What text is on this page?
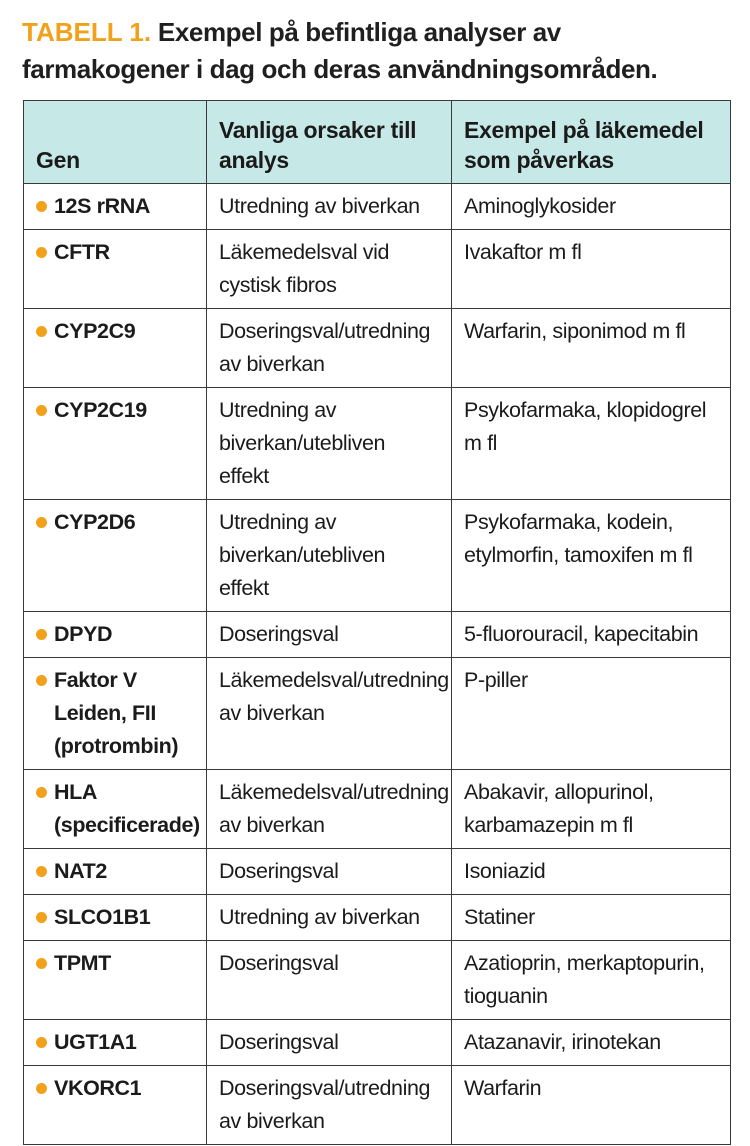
TABELL 1. Exempel på befintliga analyser av farmakogener i dag och deras användningsområden.
Gen	Vanliga orsaker till analys	Exempel på läkemedel som påverkas

12S rRNA	Utredning av biverkan	Aminoglykosider

CFTR	Läkemedelsval vid cystisk fibros	Ivakaftor m fl

CYP2C9	Doseringsval/utredning av biverkan	Warfarin, siponimod m fl

CYP2C19	Utredning av biverkan/utebliven effekt	Psykofarmaka, klopidogrel m fl

CYP2D6	Utredning av biverkan/utebliven effekt	Psykofarmaka, kodein, etylmorfin, tamoxifen m fl

DPYD	Doseringsval	5-fluorouracil, kapecitabin

Faktor V Leiden, FII (protrombin)	Läkemedelsval/utredning av biverkan	P-piller

HLA (specificerade)	Läkemedelsval/utredning av biverkan	Abakavir, allopurinol, karbamazepin m fl

NAT2	Doseringsval	Isoniazid

SLCO1B1	Utredning av biverkan	Statiner

TPMT	Doseringsval	Azatioprin, merkaptopurin, tioguanin

UGT1A1	Doseringsval	Atazanavir, irinotekan

VKORC1	Doseringsval/utredning av biverkan	Warfarin
